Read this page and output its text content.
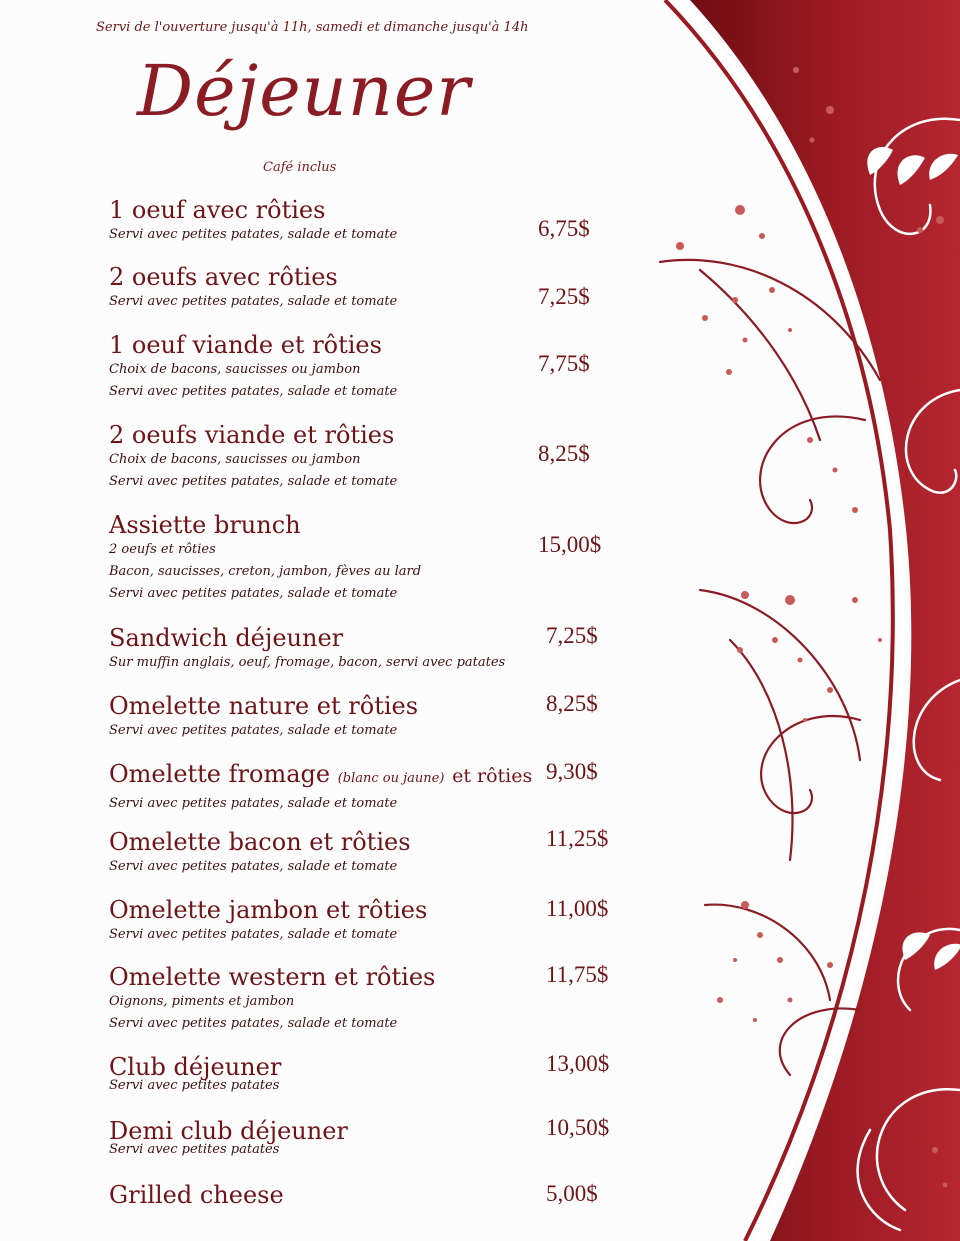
Servi de l'ouverture jusqu'à 11h, samedi et dimanche jusqu'à 14h
Déjeuner
Café inclus
1 oeuf avec rôties
Servi avec petites patates, salade et tomate	6,75$
2 oeufs avec rôties
Servi avec petites patates, salade et tomate	7,25$
1 oeuf viande et rôties
Choix de bacons, saucisses ou jambon
Servi avec petites patates, salade et tomate
7,75$
2 oeufs viande et rôties
Choix de bacons, saucisses ou jambon
Servi avec petites patates, salade et tomate
8,25$
Assiette brunch
2 oeufs et rôties
Bacon, saucisses, creton, jambon, fèves au lard
Servi avec petites patates, salade et tomate
15,00$
Sandwich déjeuner
Sur muffin anglais, oeuf, fromage, bacon, servi avec patates
7,25$
Omelette nature et rôties
Servi avec petites patates, salade et tomate
8,25$
Omelette fromage (blanc ou jaune) et rôties
Servi avec petites patates, salade et tomate
9,30$
Omelette bacon et rôties
Servi avec petites patates, salade et tomate
11,25$
Omelette jambon et rôties
Servi avec petites patates, salade et tomate
11,00$
Omelette western et rôties
Oignons, piments et jambon
Servi avec petites patates, salade et tomate
11,75$
Club déjeuner
Servi avec petites patates
13,00$
Demi club déjeuner
Servi avec petites patates
10,50$
Grilled cheese	5,00$
